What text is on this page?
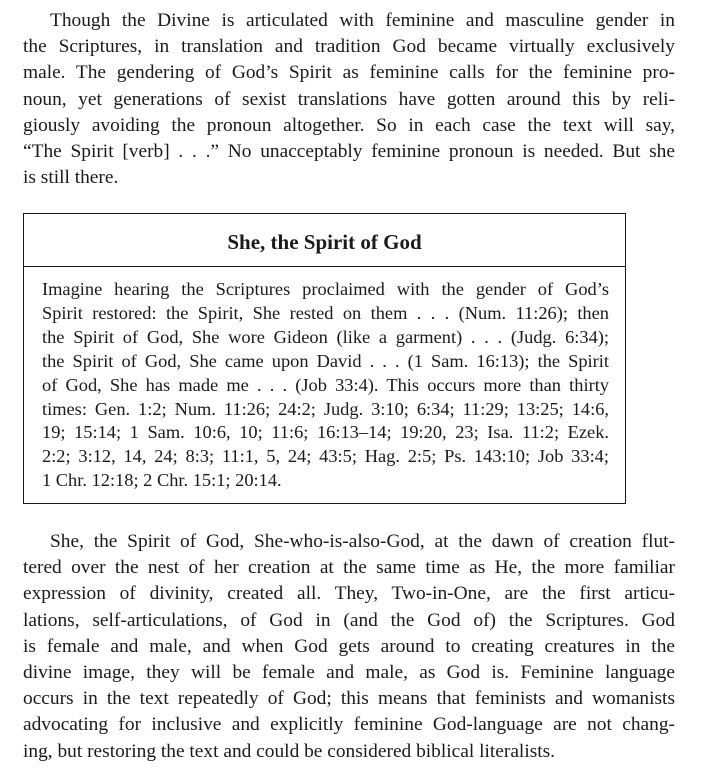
Though the Divine is articulated with feminine and masculine gender in
the Scriptures, in translation and tradition God became virtually exclusively
male. The gendering of God’s Spirit as feminine calls for the feminine pro-
noun, yet generations of sexist translations have gotten around this by reli-
giously avoiding the pronoun altogether. So in each case the text will say,
“The Spirit [verb] . . .” No unacceptably feminine pronoun is needed. But she
is still there.

She, the Spirit of God
Imagine hearing the Scriptures proclaimed with the gender of God’s
Spirit restored: the Spirit, She rested on them . . . (Num. 11:26); then
the Spirit of God, She wore Gideon (like a garment) . . . (Judg. 6:34);
the Spirit of God, She came upon David . . . (1 Sam. 16:13); the Spirit
of God, She has made me . . . (Job 33:4). This occurs more than thirty
times: Gen. 1:2; Num. 11:26; 24:2; Judg. 3:10; 6:34; 11:29; 13:25; 14:6,
19; 15:14; 1 Sam. 10:6, 10; 11:6; 16:13–14; 19:20, 23; Isa. 11:2; Ezek.
2:2; 3:12, 14, 24; 8:3; 11:1, 5, 24; 43:5; Hag. 2:5; Ps. 143:10; Job 33:4;
1 Chr. 12:18; 2 Chr. 15:1; 20:14.

She, the Spirit of God, She-who-is-also-God, at the dawn of creation flut-
tered over the nest of her creation at the same time as He, the more familiar
expression of divinity, created all. They, Two-in-One, are the first articu-
lations, self-articulations, of God in (and the God of) the Scriptures. God
is female and male, and when God gets around to creating creatures in the
divine image, they will be female and male, as God is. Feminine language
occurs in the text repeatedly of God; this means that feminists and womanists
advocating for inclusive and explicitly feminine God-language are not chang-
ing, but restoring the text and could be considered biblical literalists.
